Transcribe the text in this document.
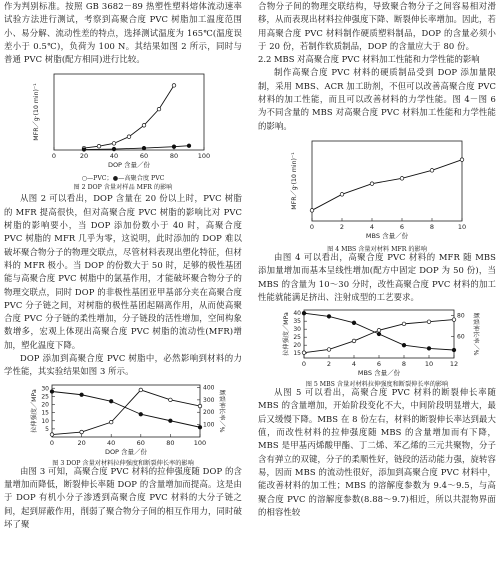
作为判别标准。按照 GB 3682－89 热塑性塑料熔体流动速率试验方法进行测试，考察到高聚合度 PVC 树脂加工温度范围小、易分解、流动性差的特点，选择测试温度为 165℃(温度误差小于 0.5℃)，负荷为 100 N。其结果如图 2 所示，同时与普通 PVC 树脂(配方相同)进行比较。

0	20	40	60	80	100
DOP 含量／份
MFR／g·(10 min)⁻¹

○—PVC；●—高聚合度 PVC

图 2 DOP 含量对样品 MFR 的影响

从图 2 可以看出，DOP 含量在 20 份以上时，PVC 树脂的 MFR 提高很快，但对高聚合度 PVC 树脂的影响比对 PVC 树脂的影响要小，当 DOP 添加份数小于 40 时，高聚合度 PVC 树脂的 MFR 几乎为零，这说明，此时添加的 DOP 难以破坏聚合物分子的物理交联点，尽管材料表现出塑化特征，但材料的 MFR 极小。当 DOP 的份数大于 50 时，足够的极性基团能与高聚合度 PVC 树脂中的氯基作用，才能破坏聚合物分子的物理交联点，同时 DOP 的非极性基团亚甲基部分夹在高聚合度 PVC 分子链之间，对树脂的极性基团起隔离作用，从而使高聚合度 PVC 分子链的柔性增加，分子链段的活性增加，空间构象数增多，宏观上体现出高聚合度 PVC 树脂的流动性(MFR)增加，塑化温度下降。

DOP 添加到高聚合度 PVC 树脂中，必然影响到材料的力学性能，其实验结果如图 3 所示。

0	20	40	60	80	100
DOP 含量／份
拉伸强度／MPa 5
10
15
20
25
30
100
200
300
400
断裂伸长率／%

图 3 DOP 含量对材料拉伸强度和断裂伸长率的影响

由图 3 可知，高聚合度 PVC 材料的拉伸强度随 DOP 的含量增加而降低，断裂伸长率随 DOP 的含量增加而提高。这是由于 DOP 有机小分子渗透到高聚合度 PVC 材料的大分子链之间，起到屏蔽作用，削弱了聚合物分子间的相互作用力，同时破坏了聚

合物分子间的物理交联结构，导致聚合物分子之间容易相对滑移，从而表现出材料拉伸强度下降、断裂伸长率增加。因此，若用高聚合度 PVC 材料制作硬质塑料制品，DOP 的含量必须小于 20 份，若制作软质制品，DOP 的含量应大于 80 份。

2.2 MBS 对高聚合度 PVC 材料加工性能和力学性能的影响

制作高聚合度 PVC 材料的硬质制品受到 DOP 添加量限制，采用 MBS、ACR 加工助剂，不但可以改善高聚合度 PVC 材料的加工性能，而且可以改善材料的力学性能。图 4－图 6 为不同含量的 MBS 对高聚合度 PVC 材料加工性能和力学性能的影响。

0	2	4	6	8	10
MBS 含量／份
MFR／g·(10 min)⁻¹

图 4 MBS 含量对材料 MFR 的影响

由图 4 可以看出，高聚合度 PVC 材料的 MFR 随 MBS 添加量增加而基本呈线性增加(配方中固定 DOP 为 50 份)，当 MBS 的含量为 10～30 分时，改性高聚合度 PVC 材料的加工性能就能满足挤出、注射成型的工艺要求。

0	2	4	6	8	10	12
MBS 含量／份
拉伸强度／MPa 15
20
25
30
35
40
60
80 断裂伸长率／%

图 5 MBS 含量对材料拉伸强度和断裂伸长率的影响

从图 5 可以看出，高聚合度 PVC 材料的断裂伸长率随 MBS 的含量增加，开始阶段变化不大，中间阶段明显增大，最后又缓慢下降。MBS 在 8 份左右，材料的断裂伸长率达到最大值，而改性材料的拉伸强度随 MBS 的含量增加而有下降，MBS 是甲基丙烯酸甲酯、丁二烯、苯乙烯的三元共聚物，分子含有弹立的双键，分子的柔顺性好，链段的活动能力强，旋转容易，因而 MBS 的流动性很好，添加到高聚合度 PVC 材料中，能改善材料的加工性；MBS 的溶解度参数为 9.4～9.5，与高聚合度 PVC 的溶解度参数(8.88～9.7)相近，所以共混物界面的相容性较
